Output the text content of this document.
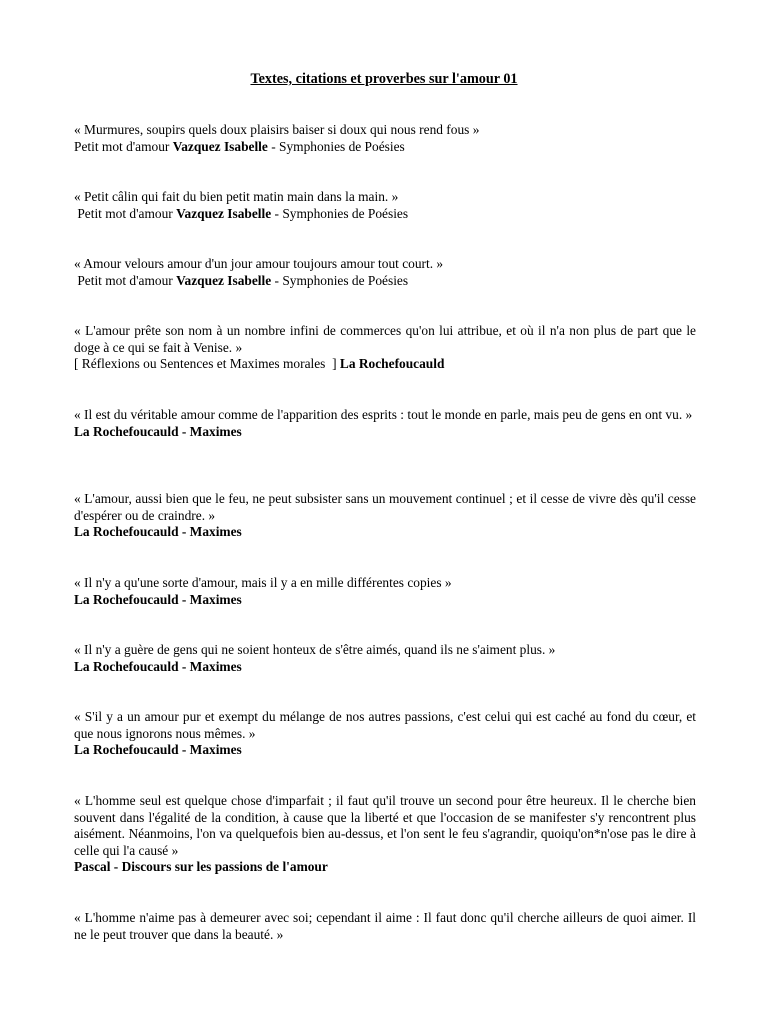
Textes, citations et proverbes sur l'amour 01
« Murmures, soupirs quels doux plaisirs baiser si doux qui nous rend fous »
Petit mot d'amour Vazquez Isabelle - Symphonies de Poésies
« Petit câlin qui fait du bien petit matin main dans la main. »
Petit mot d'amour Vazquez Isabelle - Symphonies de Poésies
« Amour velours amour d'un jour amour toujours amour tout court. »
Petit mot d'amour Vazquez Isabelle - Symphonies de Poésies
« L'amour prête son nom à un nombre infini de commerces qu'on lui attribue, et où il n'a non plus de part que le doge à ce qui se fait à Venise. »
[ Réflexions ou Sentences et Maximes morales  ] La Rochefoucauld
« Il est du véritable amour comme de l'apparition des esprits : tout le monde en parle, mais peu de gens en ont vu. »
La Rochefoucauld - Maximes
« L'amour, aussi bien que le feu, ne peut subsister sans un mouvement continuel ; et il cesse de vivre dès qu'il cesse d'espérer ou de craindre. »
La Rochefoucauld - Maximes
« Il n'y a qu'une sorte d'amour, mais il y a en mille différentes copies »
La Rochefoucauld - Maximes
« Il n'y a guère de gens qui ne soient honteux de s'être aimés, quand ils ne s'aiment plus. »
La Rochefoucauld - Maximes
« S'il y a un amour pur et exempt du mélange de nos autres passions, c'est celui qui est caché au fond du cœur, et que nous ignorons nous mêmes. »
La Rochefoucauld - Maximes
« L'homme seul est quelque chose d'imparfait ; il faut qu'il trouve un second pour être heureux. Il le cherche bien souvent dans l'égalité de la condition, à cause que la liberté et que l'occasion de se manifester s'y rencontrent plus aisément. Néanmoins, l'on va quelquefois bien au-dessus, et l'on sent le feu s'agrandir, quoiqu'on*n'ose pas le dire à celle qui l'a causé »
Pascal - Discours sur les passions de l'amour
« L'homme n'aime pas à demeurer avec soi; cependant il aime : Il faut donc qu'il cherche ailleurs de quoi aimer. Il ne le peut trouver que dans la beauté. »
